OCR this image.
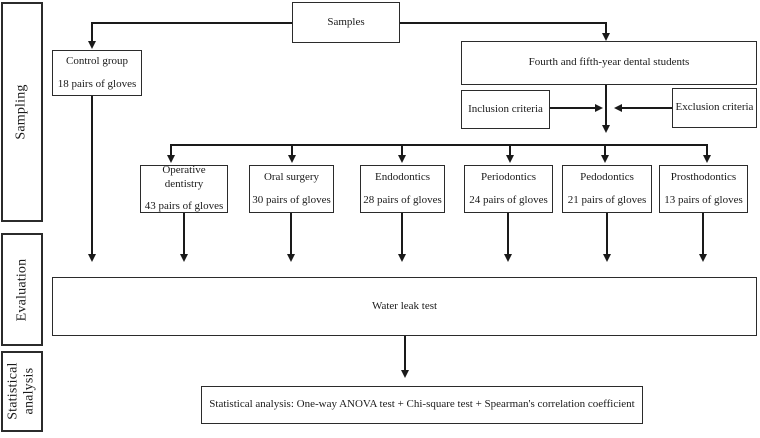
Sampling
Evaluation
Statistical analysis
Samples
Control group
18 pairs of gloves
Fourth and fifth-year dental students
Inclusion criteria	Exclusion criteria
Operative dentistry
43 pairs of gloves
Oral surgery
30 pairs of gloves
Endodontics
28 pairs of gloves
Periodontics
24 pairs of gloves
Pedodontics
21 pairs of gloves
Prosthodontics
13 pairs of gloves
Water leak test
Statistical analysis: One-way ANOVA test + Chi-square test + Spearman's correlation coefficient
